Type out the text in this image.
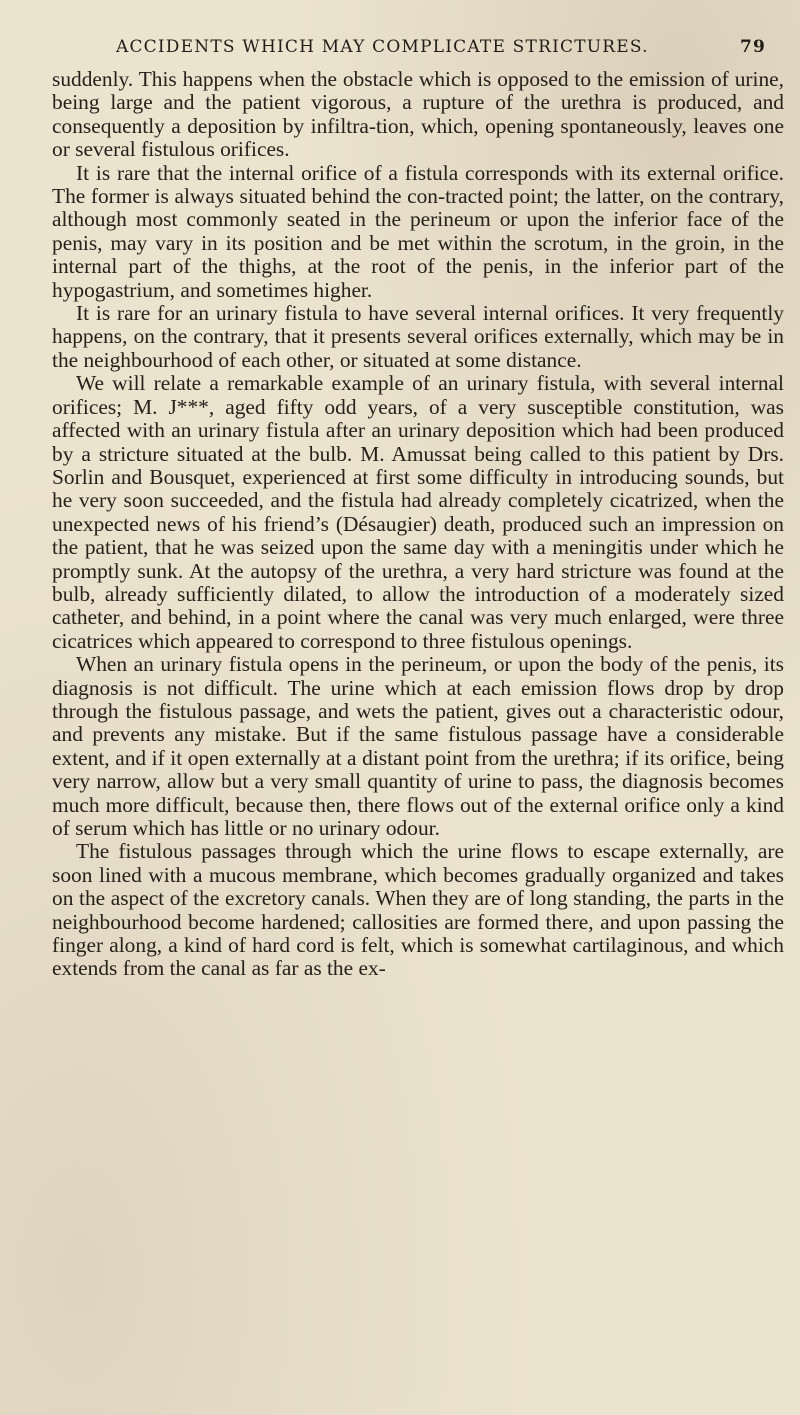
ACCIDENTS WHICH MAY COMPLICATE STRICTURES.	79

suddenly. This happens when the obstacle which is opposed to the emission of urine, being large and the patient vigorous, a rupture of the urethra is produced, and consequently a deposition by infiltra-tion, which, opening spontaneously, leaves one or several fistulous orifices.

It is rare that the internal orifice of a fistula corresponds with its external orifice. The former is always situated behind the con-tracted point; the latter, on the contrary, although most commonly seated in the perineum or upon the inferior face of the penis, may vary in its position and be met within the scrotum, in the groin, in the internal part of the thighs, at the root of the penis, in the inferior part of the hypogastrium, and sometimes higher.

It is rare for an urinary fistula to have several internal orifices. It very frequently happens, on the contrary, that it presents several orifices externally, which may be in the neighbourhood of each other, or situated at some distance.

We will relate a remarkable example of an urinary fistula, with several internal orifices; M. J***, aged fifty odd years, of a very susceptible constitution, was affected with an urinary fistula after an urinary deposition which had been produced by a stricture situated at the bulb. M. Amussat being called to this patient by Drs. Sorlin and Bousquet, experienced at first some difficulty in introducing sounds, but he very soon succeeded, and the fistula had already completely cicatrized, when the unexpected news of his friend’s (Désaugier) death, produced such an impression on the patient, that he was seized upon the same day with a meningitis under which he promptly sunk. At the autopsy of the urethra, a very hard stricture was found at the bulb, already sufficiently dilated, to allow the introduction of a moderately sized catheter, and behind, in a point where the canal was very much enlarged, were three cicatrices which appeared to correspond to three fistulous openings.

When an urinary fistula opens in the perineum, or upon the body of the penis, its diagnosis is not difficult. The urine which at each emission flows drop by drop through the fistulous passage, and wets the patient, gives out a characteristic odour, and prevents any mistake. But if the same fistulous passage have a considerable extent, and if it open externally at a distant point from the urethra; if its orifice, being very narrow, allow but a very small quantity of urine to pass, the diagnosis becomes much more difficult, because then, there flows out of the external orifice only a kind of serum which has little or no urinary odour.

The fistulous passages through which the urine flows to escape externally, are soon lined with a mucous membrane, which becomes gradually organized and takes on the aspect of the excretory canals. When they are of long standing, the parts in the neighbourhood become hardened; callosities are formed there, and upon passing the finger along, a kind of hard cord is felt, which is somewhat cartilaginous, and which extends from the canal as far as the ex-
